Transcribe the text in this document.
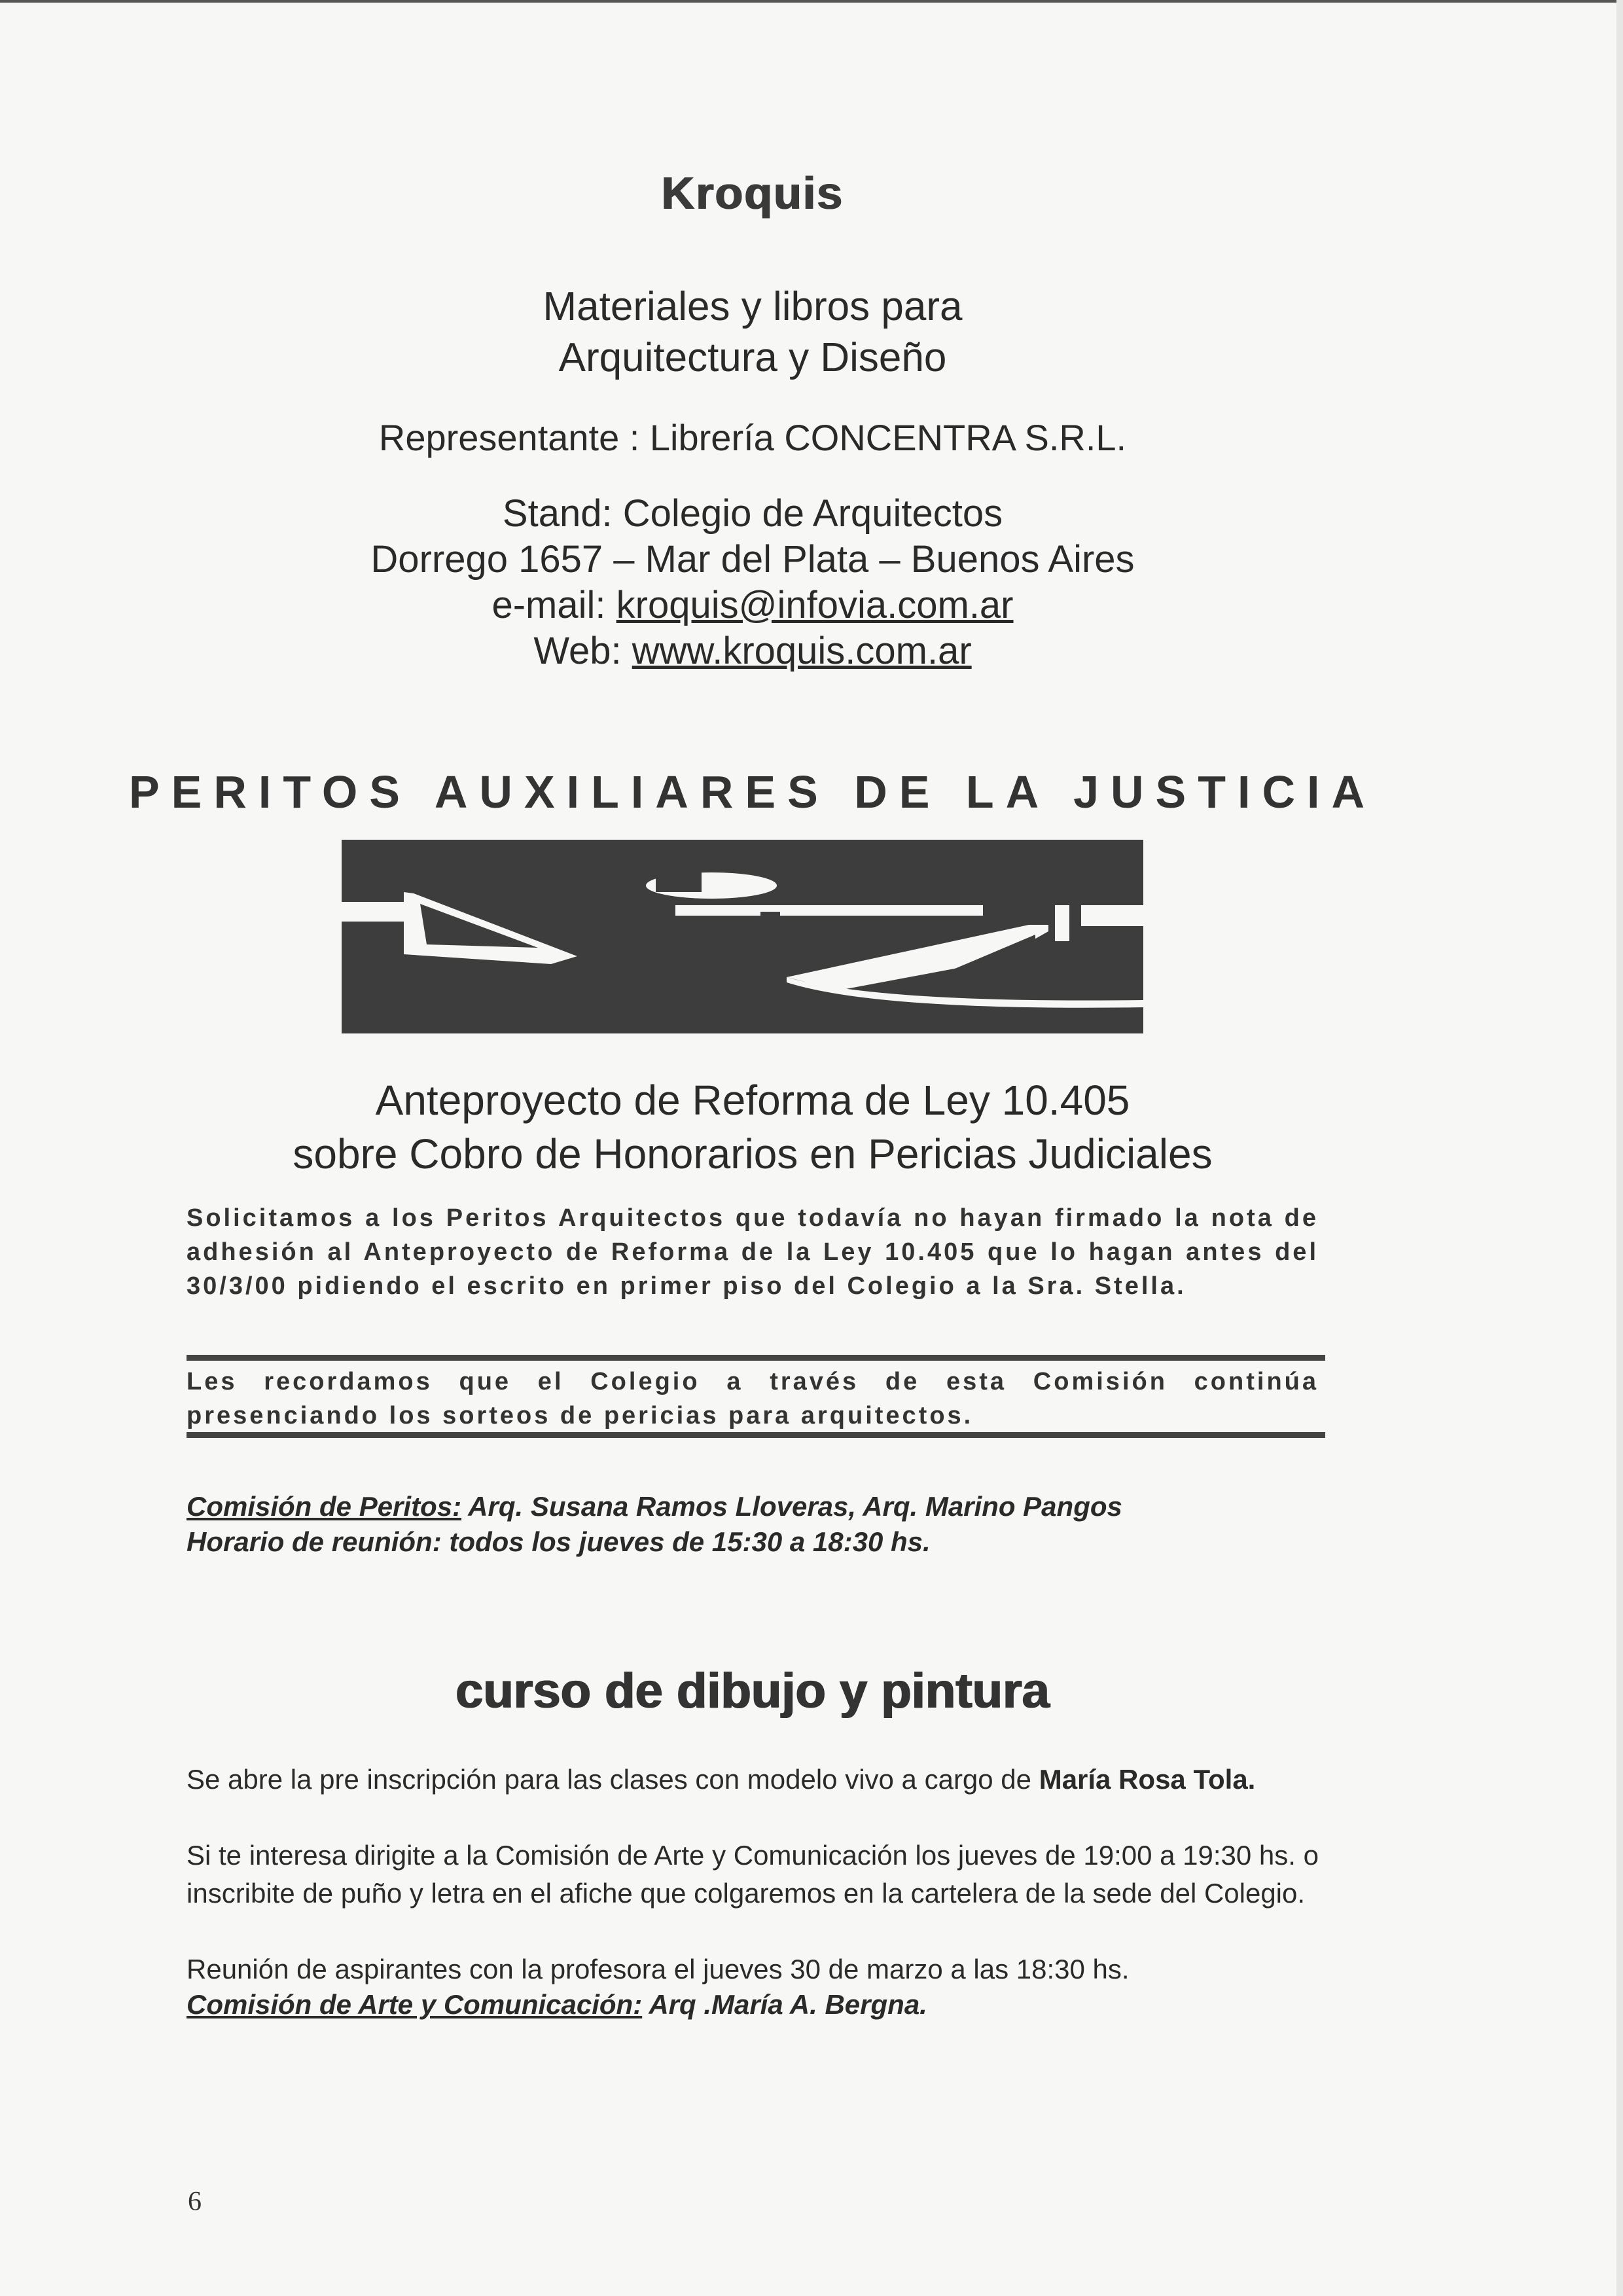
Kroquis
Materiales y libros para
Arquitectura y Diseño
Representante : Librería CONCENTRA S.R.L.
Stand: Colegio de Arquitectos
Dorrego 1657 – Mar del Plata – Buenos Aires
e-mail: kroquis@infovia.com.ar
Web: www.kroquis.com.ar
PERITOS AUXILIARES DE LA JUSTICIA
Anteproyecto de Reforma de Ley 10.405
sobre Cobro de Honorarios en Pericias Judiciales
Solicitamos a los Peritos Arquitectos que todavía no hayan firmado la nota de adhesión al Anteproyecto de Reforma de la Ley 10.405 que lo hagan antes del 30/3/00 pidiendo el escrito en primer piso del Colegio a la Sra. Stella.
Les recordamos que el Colegio a través de esta Comisión continúa presenciando los sorteos de pericias para arquitectos.
Comisión de Peritos: Arq. Susana Ramos Lloveras, Arq. Marino Pangos
Horario de reunión: todos los jueves de 15:30 a 18:30 hs.
curso de dibujo y pintura
Se abre la pre inscripción para las clases con modelo vivo a cargo de María Rosa Tola.
Si te interesa dirigite a la Comisión de Arte y Comunicación los jueves de 19:00 a 19:30 hs. o inscribite de puño y letra en el afiche que colgaremos en la cartelera de la sede del Colegio.
Reunión de aspirantes con la profesora el jueves 30 de marzo a las 18:30 hs.
Comisión de Arte y Comunicación: Arq .María A. Bergna.
6
